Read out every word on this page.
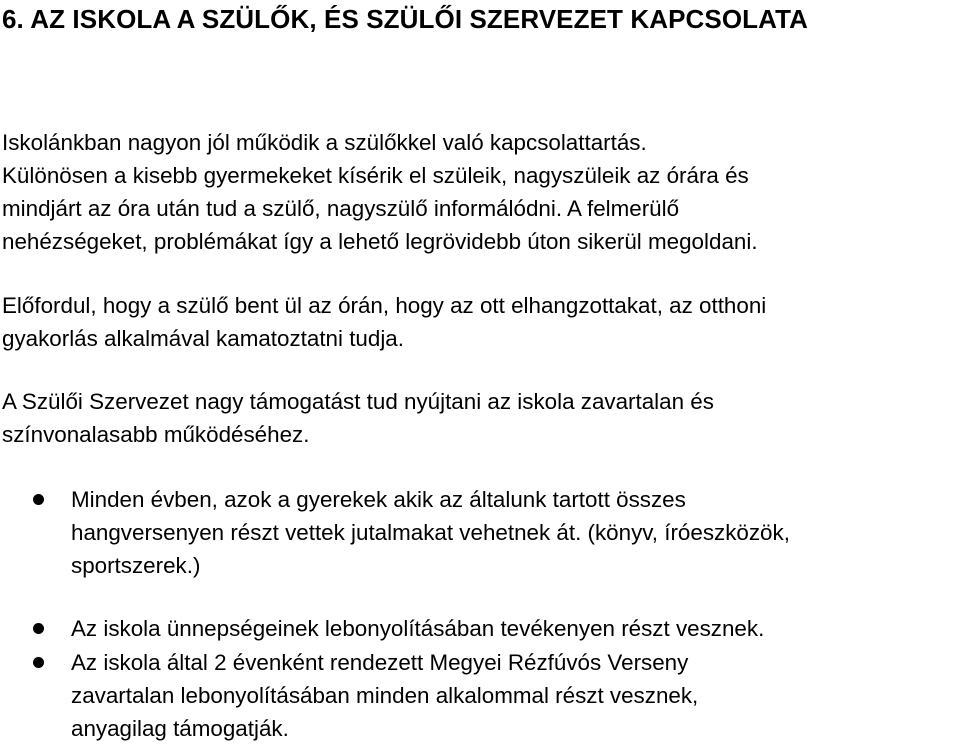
6. AZ ISKOLA A SZÜLŐK, ÉS SZÜLŐI SZERVEZET KAPCSOLATA

Iskolánkban nagyon jól működik a szülőkkel való kapcsolattartás.
Különösen a kisebb gyermekeket kísérik el szüleik, nagyszüleik az órára és
mindjárt az óra után tud a szülő, nagyszülő informálódni. A felmerülő
nehézségeket, problémákat így a lehető legrövidebb úton sikerül megoldani.

Előfordul, hogy a szülő bent ül az órán, hogy az ott elhangzottakat, az otthoni
gyakorlás alkalmával kamatoztatni tudja.

A Szülői Szervezet nagy támogatást tud nyújtani az iskola zavartalan és
színvonalasabb működéséhez.

Minden évben, azok a gyerekek akik az általunk tartott összes
hangversenyen részt vettek jutalmakat vehetnek át. (könyv, íróeszközök,
sportszerek.)

Az iskola ünnepségeinek lebonyolításában tevékenyen részt vesznek.

Az iskola által 2 évenként rendezett Megyei Rézfúvós Verseny
zavartalan lebonyolításában minden alkalommal részt vesznek,
anyagilag támogatják.
